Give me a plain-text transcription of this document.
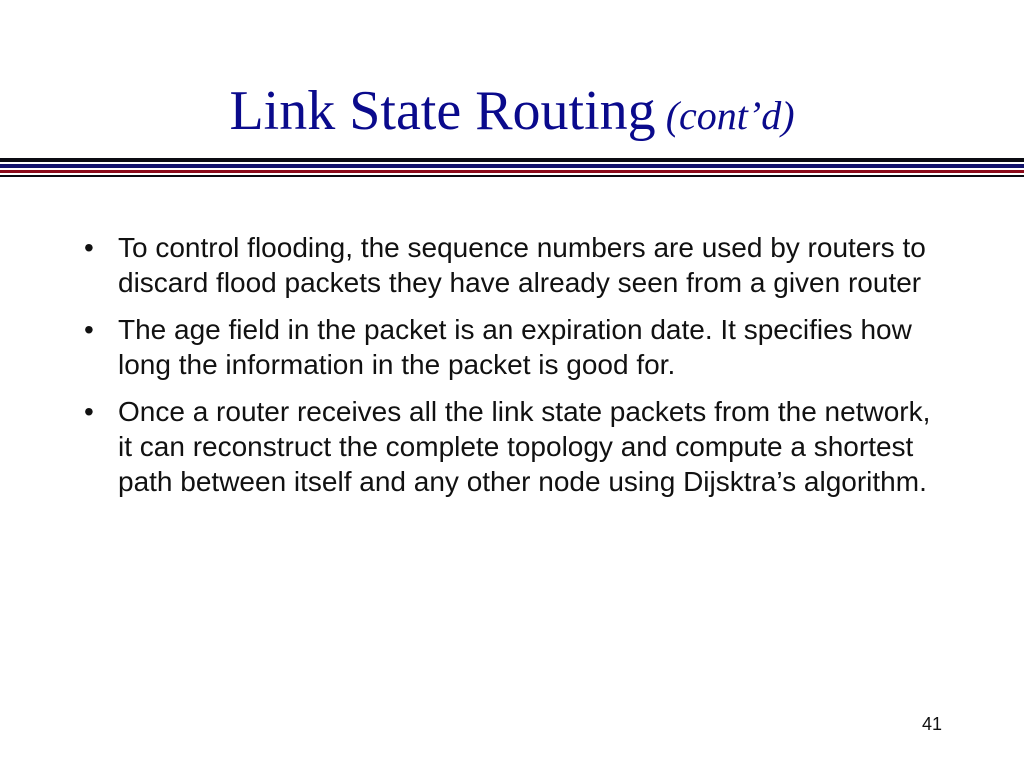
Link State Routing (cont’d)
• To control flooding, the sequence numbers are used by routers to discard flood packets they have already seen from a given router
• The age field in the packet is an expiration date. It specifies how long the information in the packet is good for.
• Once a router receives all the link state packets from the network, it can reconstruct the complete topology and compute a shortest path between itself and any other node using Dijsktra’s algorithm.
41
